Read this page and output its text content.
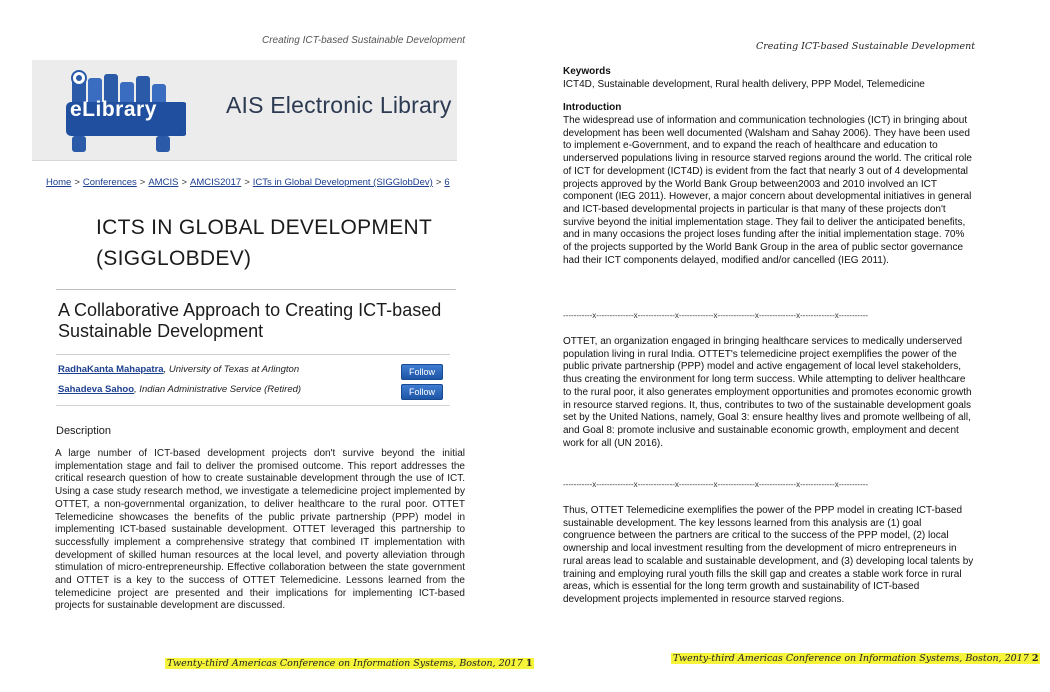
Creating ICT-based Sustainable Development
eLibrary	AIS Electronic Library
Home > Conferences > AMCIS > AMCIS2017 > ICTs in Global Development (SIGGlobDev) > 6
ICTS IN GLOBAL DEVELOPMENT
(SIGGLOBDEV)
A Collaborative Approach to Creating ICT-based Sustainable Development
RadhaKanta Mahapatra, University of Texas at Arlington	Follow
Sahadeva Sahoo, Indian Administrative Service (Retired)	Follow
Description
A large number of ICT-based development projects don't survive beyond the initial implementation stage and fail to deliver the promised outcome. This report addresses the critical research question of how to create sustainable development through the use of ICT. Using a case study research method, we investigate a telemedicine project implemented by OTTET, a non-governmental organization, to deliver healthcare to the rural poor. OTTET Telemedicine showcases the benefits of the public private partnership (PPP) model in implementing ICT-based sustainable development. OTTET leveraged this partnership to successfully implement a comprehensive strategy that combined IT implementation with development of skilled human resources at the local level, and poverty alleviation through stimulation of micro-entrepreneurship. Effective collaboration between the state government and OTTET is a key to the success of OTTET Telemedicine. Lessons learned from the telemedicine project are presented and their implications for implementing ICT-based projects for sustainable development are discussed.
Twenty-third Americas Conference on Information Systems, Boston, 2017 1
Creating ICT-based Sustainable Development
Keywords
ICT4D, Sustainable development, Rural health delivery, PPP Model, Telemedicine
Introduction
The widespread use of information and communication technologies (ICT) in bringing about development has been well documented (Walsham and Sahay 2006). They have been used to implement e-Government, and to expand the reach of healthcare and education to underserved populations living in resource starved regions around the world. The critical role of ICT for development (ICT4D) is evident from the fact that nearly 3 out of 4 developmental projects approved by the World Bank Group between2003 and 2010 involved an ICT component (IEG 2011). However, a major concern about developmental initiatives in general and ICT-based developmental projects in particular is that many of these projects don't survive beyond the initial implementation stage. They fail to deliver the anticipated benefits, and in many occasions the project loses funding after the initial implementation stage. 70% of the projects supported by the World Bank Group in the area of public sector governance had their ICT components delayed, modified and/or cancelled (IEG 2011).
-----------x--------------x--------------x-------------x--------------x--------------x-------------x-----------
OTTET, an organization engaged in bringing healthcare services to medically underserved population living in rural India. OTTET's telemedicine project exemplifies the power of the public private partnership (PPP) model and active engagement of local level stakeholders, thus creating the environment for long term success. While attempting to deliver healthcare to the rural poor, it also generates employment opportunities and promotes economic growth in resource starved regions. It, thus, contributes to two of the sustainable development goals set by the United Nations, namely, Goal 3: ensure healthy lives and promote wellbeing of all, and Goal 8: promote inclusive and sustainable economic growth, employment and decent work for all (UN 2016).
-----------x--------------x--------------x-------------x--------------x--------------x-------------x-----------
Thus, OTTET Telemedicine exemplifies the power of the PPP model in creating ICT-based sustainable development. The key lessons learned from this analysis are (1) goal congruence between the partners are critical to the success of the PPP model, (2) local ownership and local investment resulting from the development of micro entrepreneurs in rural areas lead to scalable and sustainable development, and (3) developing local talents by training and employing rural youth fills the skill gap and creates a stable work force in rural areas, which is essential for the long term growth and sustainability of ICT-based development projects implemented in resource starved regions.
Twenty-third Americas Conference on Information Systems, Boston, 2017 2
